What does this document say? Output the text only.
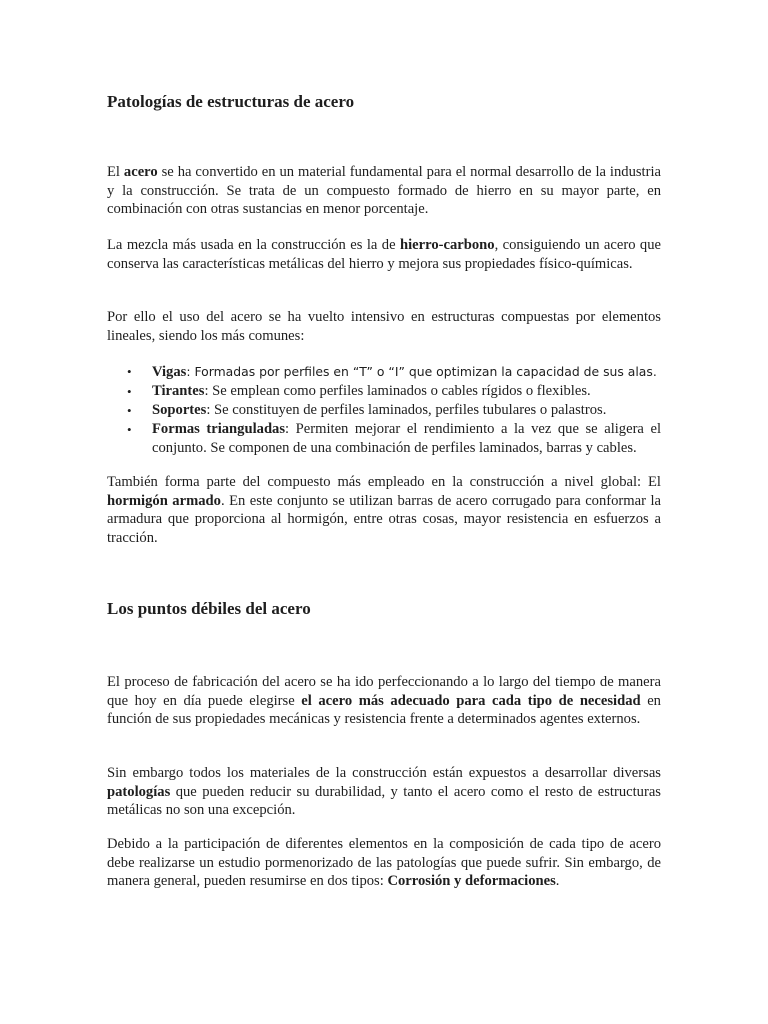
Patologías de estructuras de acero

El acero se ha convertido en un material fundamental para el normal desarrollo de la industria y la construcción. Se trata de un compuesto formado de hierro en su mayor parte, en combinación con otras sustancias en menor porcentaje.

La mezcla más usada en la construcción es la de hierro-carbono, consiguiendo un acero que conserva las características metálicas del hierro y mejora sus propiedades físico-químicas.

Por ello el uso del acero se ha vuelto intensivo en estructuras compuestas por elementos lineales, siendo los más comunes:

•	Vigas: Formadas por perfiles en “T” o “I” que optimizan la capacidad de sus alas.
•	Tirantes: Se emplean como perfiles laminados o cables rígidos o flexibles.
•	Soportes: Se constituyen de perfiles laminados, perfiles tubulares o palastros.
•	Formas trianguladas: Permiten mejorar el rendimiento a la vez que se aligera el conjunto. Se componen de una combinación de perfiles laminados, barras y cables.

También forma parte del compuesto más empleado en la construcción a nivel global: El hormigón armado. En este conjunto se utilizan barras de acero corrugado para conformar la armadura que proporciona al hormigón, entre otras cosas, mayor resistencia en esfuerzos a tracción.

Los puntos débiles del acero

El proceso de fabricación del acero se ha ido perfeccionando a lo largo del tiempo de manera que hoy en día puede elegirse el acero más adecuado para cada tipo de necesidad en función de sus propiedades mecánicas y resistencia frente a determinados agentes externos.

Sin embargo todos los materiales de la construcción están expuestos a desarrollar diversas patologías que pueden reducir su durabilidad, y tanto el acero como el resto de estructuras metálicas no son una excepción.

Debido a la participación de diferentes elementos en la composición de cada tipo de acero debe realizarse un estudio pormenorizado de las patologías que puede sufrir. Sin embargo, de manera general, pueden resumirse en dos tipos: Corrosión y deformaciones.
